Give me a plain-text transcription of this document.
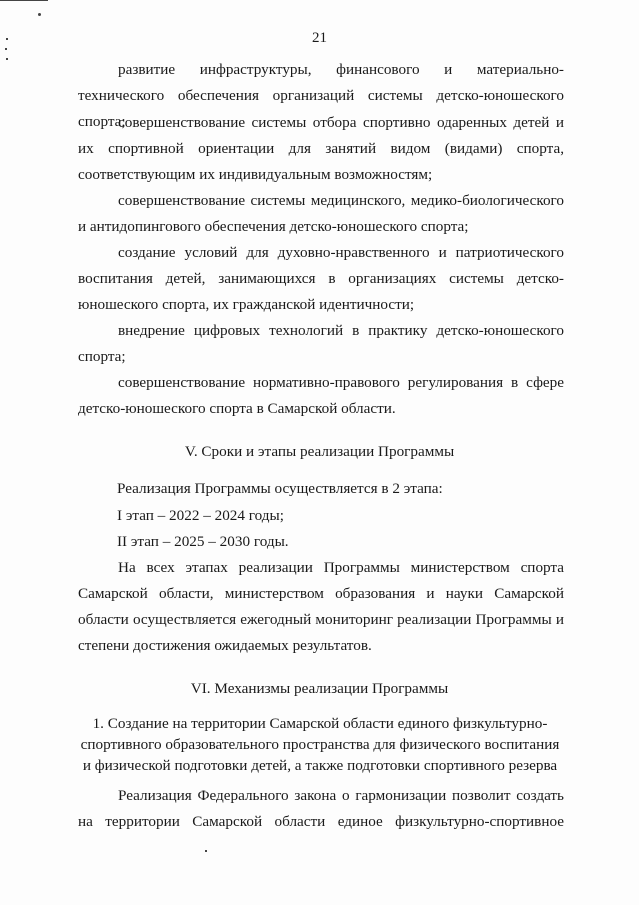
21

развитие инфраструктуры, финансового и материально-технического обеспечения организаций системы детско-юношеского спорта;

совершенствование системы отбора спортивно одаренных детей и их спортивной ориентации для занятий видом (видами) спорта, соответствующим их индивидуальным возможностям;

совершенствование системы медицинского, медико-биологического и антидопингового обеспечения детско-юношеского спорта;

создание условий для духовно-нравственного и патриотического воспитания детей, занимающихся в организациях системы детско-юношеского спорта, их гражданской идентичности;

внедрение цифровых технологий в практику детско-юношеского спорта;

совершенствование нормативно-правового регулирования в сфере детско-юношеского спорта в Самарской области.

V. Сроки и этапы реализации Программы

Реализация Программы осуществляется в 2 этапа:

I этап – 2022 – 2024 годы;

II этап – 2025 – 2030 годы.

На всех этапах реализации Программы министерством спорта Самарской области, министерством образования и науки Самарской области осуществляется ежегодный мониторинг реализации Программы и степени достижения ожидаемых результатов.

VI. Механизмы реализации Программы

1. Создание на территории Самарской области единого физкультурно-
спортивного образовательного пространства для физического воспитания
и физической подготовки детей, а также подготовки спортивного резерва

Реализация Федерального закона о гармонизации позволит создать на территории Самарской области единое физкультурно-спортивное
